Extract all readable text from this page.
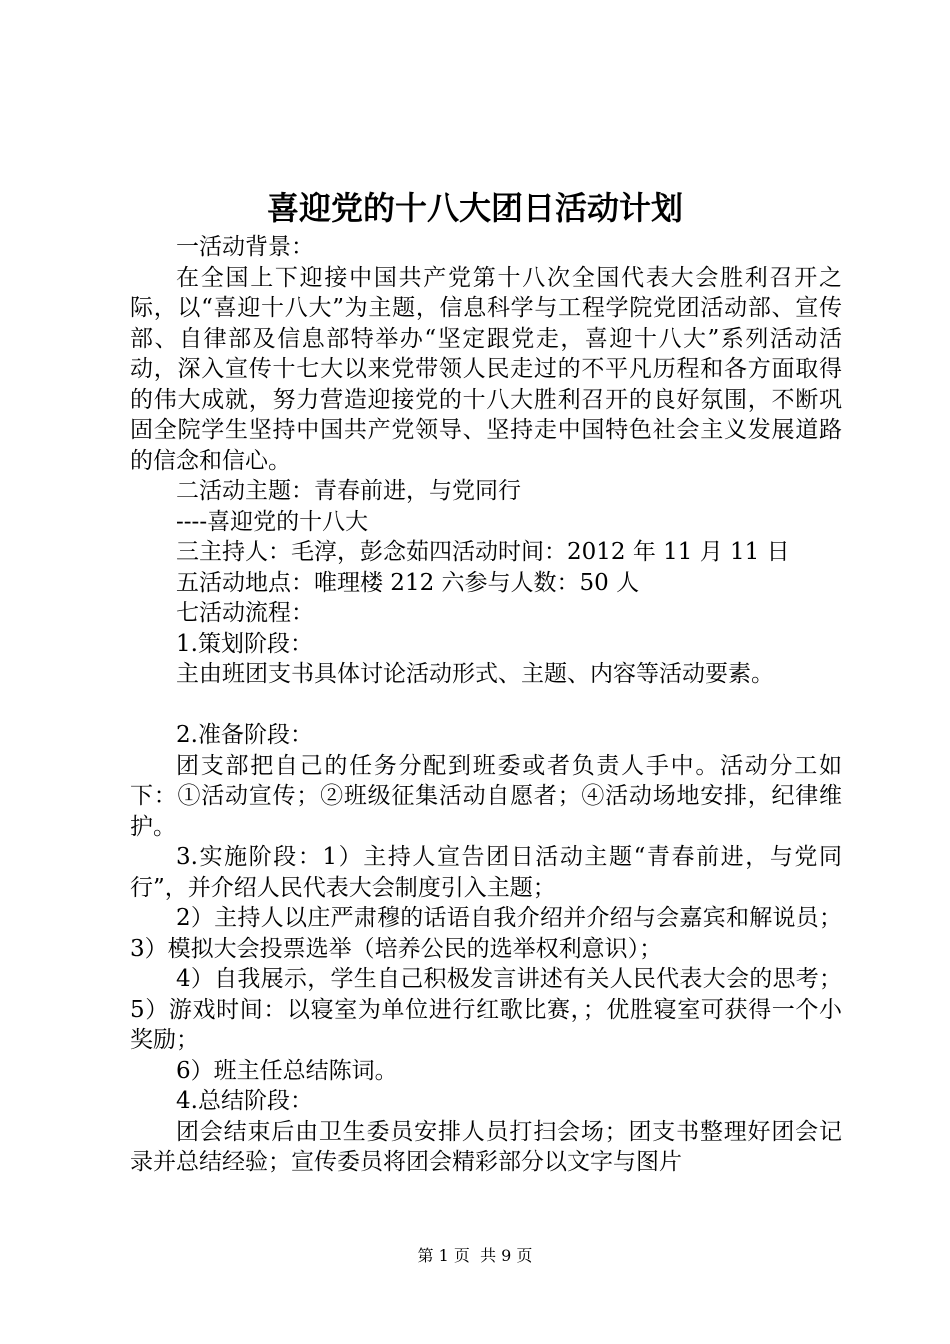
喜迎党的十八大团日活动计划

一活动背景：

在全国上下迎接中国共产党第十八次全国代表大会胜利召开之际，以“喜迎十八大”为主题，信息科学与工程学院党团活动部、宣传部、自律部及信息部特举办“坚定跟党走，喜迎十八大”系列活动活动，深入宣传十七大以来党带领人民走过的不平凡历程和各方面取得的伟大成就，努力营造迎接党的十八大胜利召开的良好氛围，不断巩固全院学生坚持中国共产党领导、坚持走中国特色社会主义发展道路的信念和信心。

二活动主题：青春前进，与党同行

----喜迎党的十八大

三主持人：毛淳，彭念茹四活动时间：2012 年 11 月 11 日

五活动地点：唯理楼 212 六参与人数：50 人

七活动流程：

1.策划阶段：

主由班团支书具体讨论活动形式、主题、内容等活动要素。

2.准备阶段：

团支部把自己的任务分配到班委或者负责人手中。活动分工如下：①活动宣传；②班级征集活动自愿者；④活动场地安排，纪律维护。

3.实施阶段：1）主持人宣告团日活动主题“青春前进，与党同行”，并介绍人民代表大会制度引入主题；

2）主持人以庄严肃穆的话语自我介绍并介绍与会嘉宾和解说员；3）模拟大会投票选举（培养公民的选举权利意识）；

4）自我展示，学生自己积极发言讲述有关人民代表大会的思考；5）游戏时间：以寝室为单位进行红歌比赛，；优胜寝室可获得一个小奖励；

6）班主任总结陈词。

4.总结阶段：

团会结束后由卫生委员安排人员打扫会场；团支书整理好团会记录并总结经验；宣传委员将团会精彩部分以文字与图片

第 1 页  共 9 页
